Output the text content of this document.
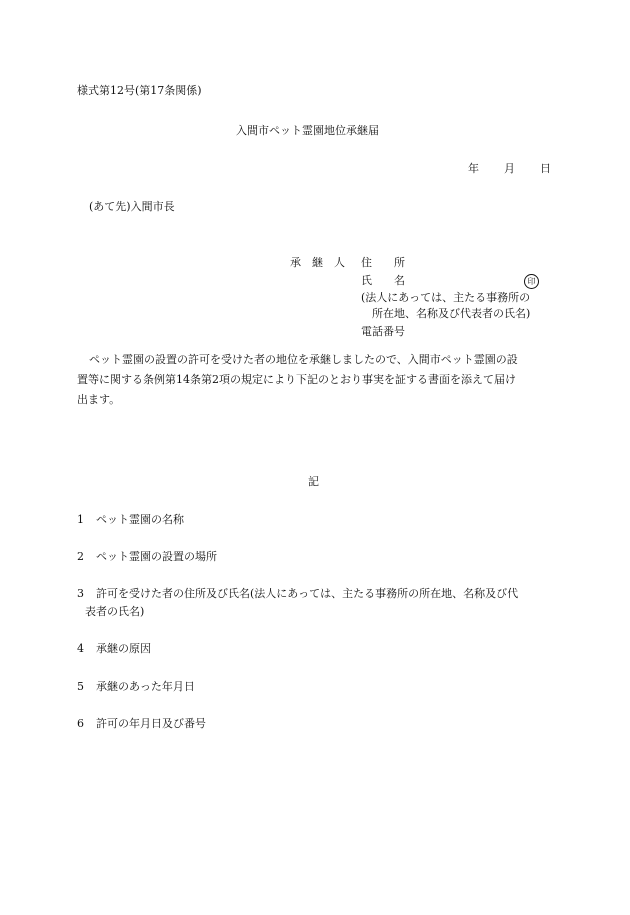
様式第12号(第17条関係)
入間市ペット霊園地位承継届
年 月 日
(あて先)入間市長
承　継　人 住　　所
氏　　名	印
(法人にあっては、主たる事務所の
所在地、名称及び代表者の氏名)
電話番号
ペット霊園の設置の許可を受けた者の地位を承継しましたので、入間市ペット霊園の設
置等に関する条例第14条第2項の規定により下記のとおり事実を証する書面を添えて届け
出ます。
記
1 ペット霊園の名称
2 ペット霊園の設置の場所
3 許可を受けた者の住所及び氏名(法人にあっては、主たる事務所の所在地、名称及び代
表者の氏名)
4 承継の原因
5 承継のあった年月日
6 許可の年月日及び番号
